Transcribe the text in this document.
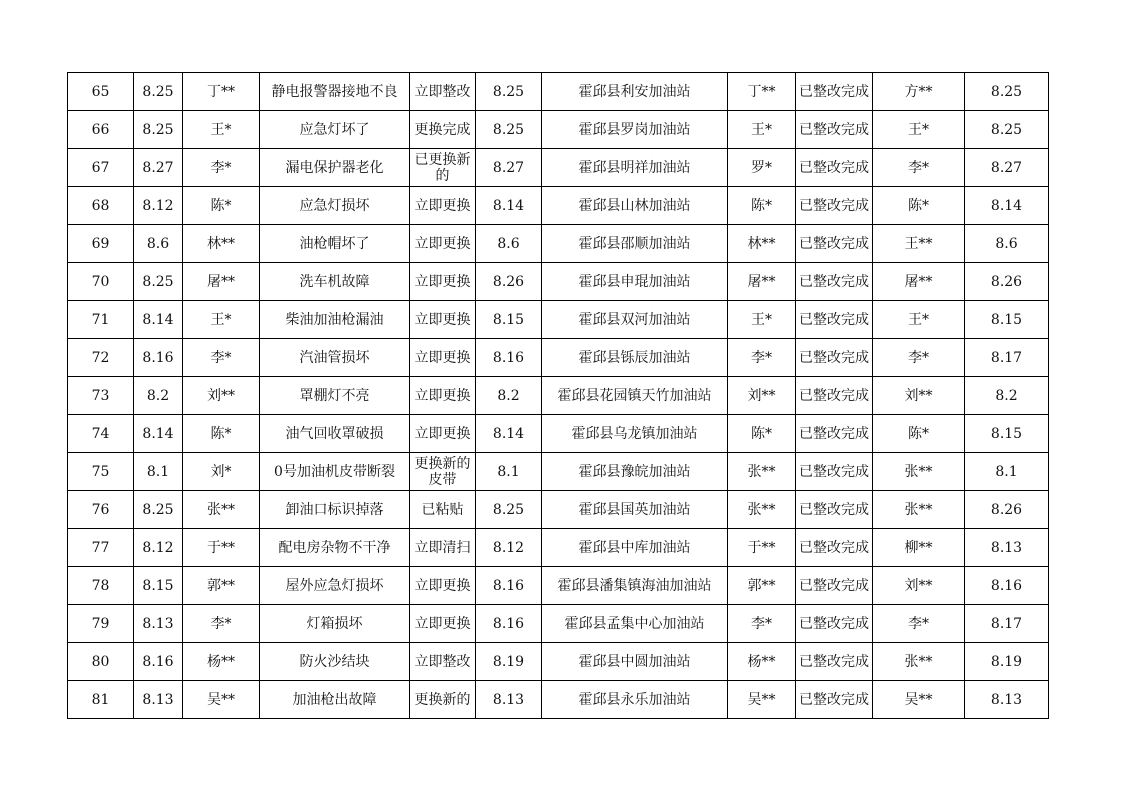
65	8.25	丁**	静电报警器接地不良	立即整改	8.25	霍邱县利安加油站	丁**	已整改完成	方**	8.25
66	8.25	王*	应急灯坏了	更换完成	8.25	霍邱县罗岗加油站	王*	已整改完成	王*	8.25
67	8.27	李*	漏电保护器老化	已更换新的	8.27	霍邱县明祥加油站	罗*	已整改完成	李*	8.27
68	8.12	陈*	应急灯损坏	立即更换	8.14	霍邱县山林加油站	陈*	已整改完成	陈*	8.14
69	8.6	林**	油枪帽坏了	立即更换	8.6	霍邱县邵顺加油站	林**	已整改完成	王**	8.6
70	8.25	屠**	洗车机故障	立即更换	8.26	霍邱县申琨加油站	屠**	已整改完成	屠**	8.26
71	8.14	王*	柴油加油枪漏油	立即更换	8.15	霍邱县双河加油站	王*	已整改完成	王*	8.15
72	8.16	李*	汽油管损坏	立即更换	8.16	霍邱县铄辰加油站	李*	已整改完成	李*	8.17
73	8.2	刘**	罩棚灯不亮	立即更换	8.2	霍邱县花园镇天竹加油站	刘**	已整改完成	刘**	8.2
74	8.14	陈*	油气回收罩破损	立即更换	8.14	霍邱县乌龙镇加油站	陈*	已整改完成	陈*	8.15
75	8.1	刘*	0号加油机皮带断裂	更换新的皮带	8.1	霍邱县豫皖加油站	张**	已整改完成	张**	8.1
76	8.25	张**	卸油口标识掉落	已粘贴	8.25	霍邱县国英加油站	张**	已整改完成	张**	8.26
77	8.12	于**	配电房杂物不干净	立即清扫	8.12	霍邱县中库加油站	于**	已整改完成	柳**	8.13
78	8.15	郭**	屋外应急灯损坏	立即更换	8.16	霍邱县潘集镇海油加油站	郭**	已整改完成	刘**	8.16
79	8.13	李*	灯箱损坏	立即更换	8.16	霍邱县孟集中心加油站	李*	已整改完成	李*	8.17
80	8.16	杨**	防火沙结块	立即整改	8.19	霍邱县中圆加油站	杨**	已整改完成	张**	8.19
81	8.13	吴**	加油枪出故障	更换新的	8.13	霍邱县永乐加油站	吴**	已整改完成	吴**	8.13
